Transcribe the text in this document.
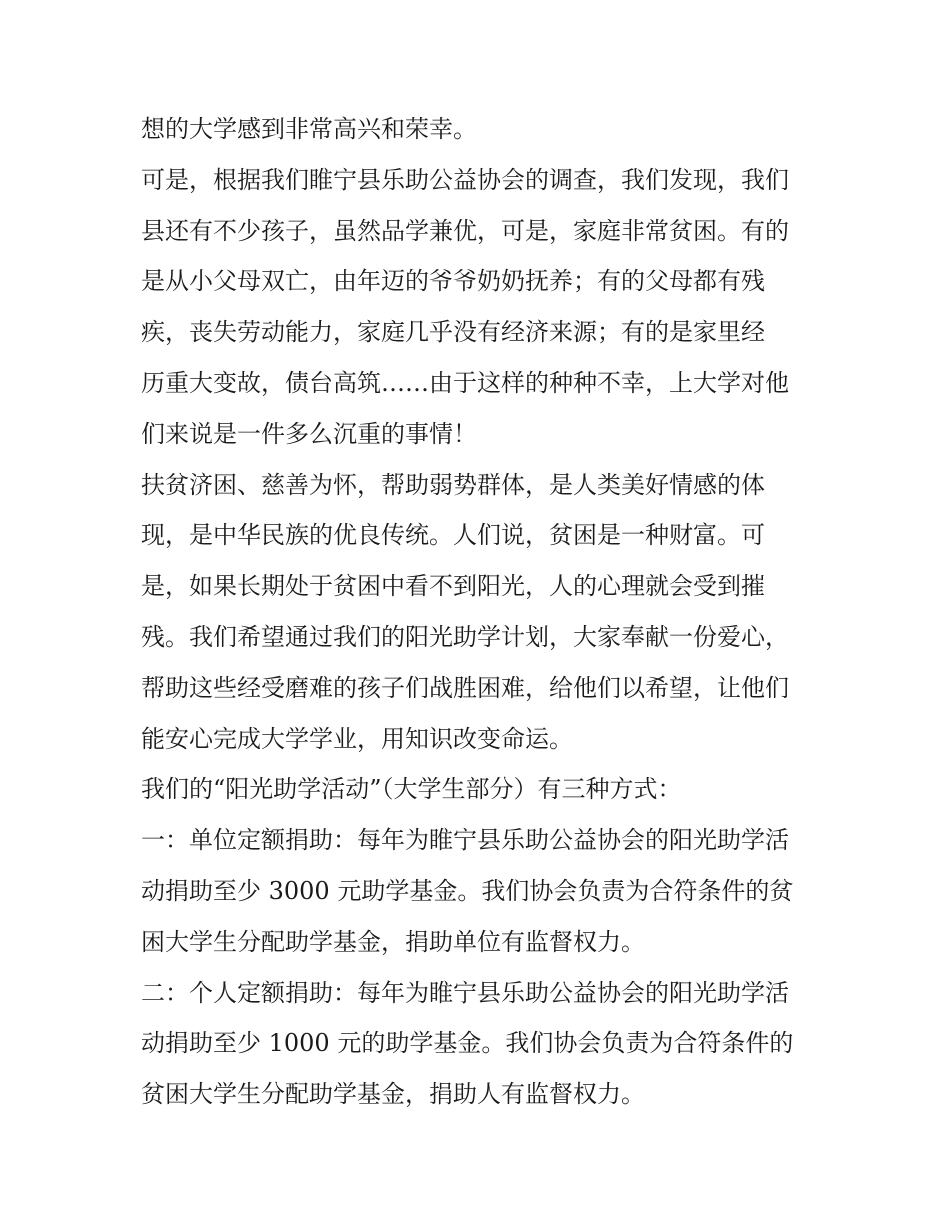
想的大学感到非常高兴和荣幸。
可是，根据我们睢宁县乐助公益协会的调查，我们发现，我们
县还有不少孩子，虽然品学兼优，可是，家庭非常贫困。有的
是从小父母双亡，由年迈的爷爷奶奶抚养；有的父母都有残
疾，丧失劳动能力，家庭几乎没有经济来源；有的是家里经
历重大变故，债台高筑……由于这样的种种不幸，上大学对他
们来说是一件多么沉重的事情！
扶贫济困、慈善为怀，帮助弱势群体，是人类美好情感的体
现，是中华民族的优良传统。人们说，贫困是一种财富。可
是，如果长期处于贫困中看不到阳光，人的心理就会受到摧
残。我们希望通过我们的阳光助学计划，大家奉献一份爱心，
帮助这些经受磨难的孩子们战胜困难，给他们以希望，让他们
能安心完成大学学业，用知识改变命运。
我们的“阳光助学活动”（大学生部分）有三种方式：
一：单位定额捐助：每年为睢宁县乐助公益协会的阳光助学活
动捐助至少 3000 元助学基金。我们协会负责为合符条件的贫
困大学生分配助学基金，捐助单位有监督权力。
二：个人定额捐助：每年为睢宁县乐助公益协会的阳光助学活
动捐助至少 1000 元的助学基金。我们协会负责为合符条件的
贫困大学生分配助学基金，捐助人有监督权力。
